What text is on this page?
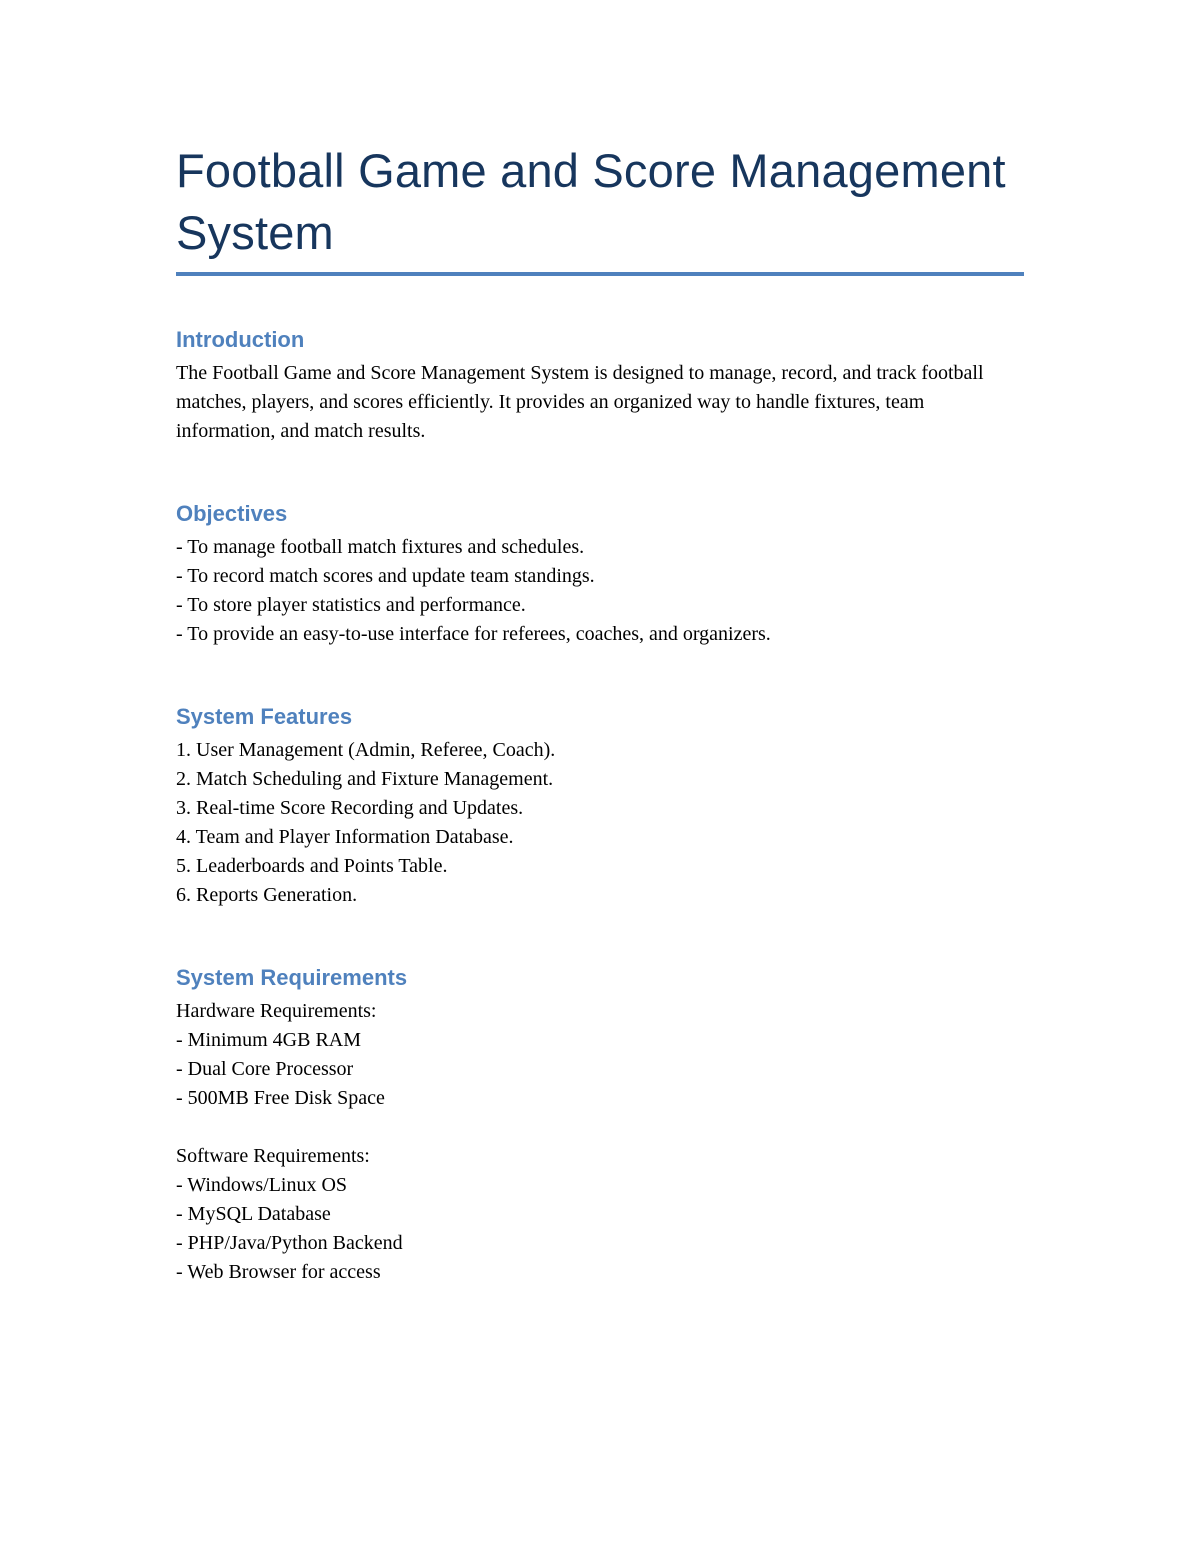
Football Game and Score Management System
Introduction

The Football Game and Score Management System is designed to manage, record, and track football matches, players, and scores efficiently. It provides an organized way to handle fixtures, team information, and match results.

Objectives

- To manage football match fixtures and schedules.

- To record match scores and update team standings.

- To store player statistics and performance.

- To provide an easy-to-use interface for referees, coaches, and organizers.

System Features

1. User Management (Admin, Referee, Coach).

2. Match Scheduling and Fixture Management.

3. Real-time Score Recording and Updates.

4. Team and Player Information Database.

5. Leaderboards and Points Table.

6. Reports Generation.

System Requirements

Hardware Requirements:

- Minimum 4GB RAM

- Dual Core Processor

- 500MB Free Disk Space

Software Requirements:

- Windows/Linux OS

- MySQL Database

- PHP/Java/Python Backend

- Web Browser for access
